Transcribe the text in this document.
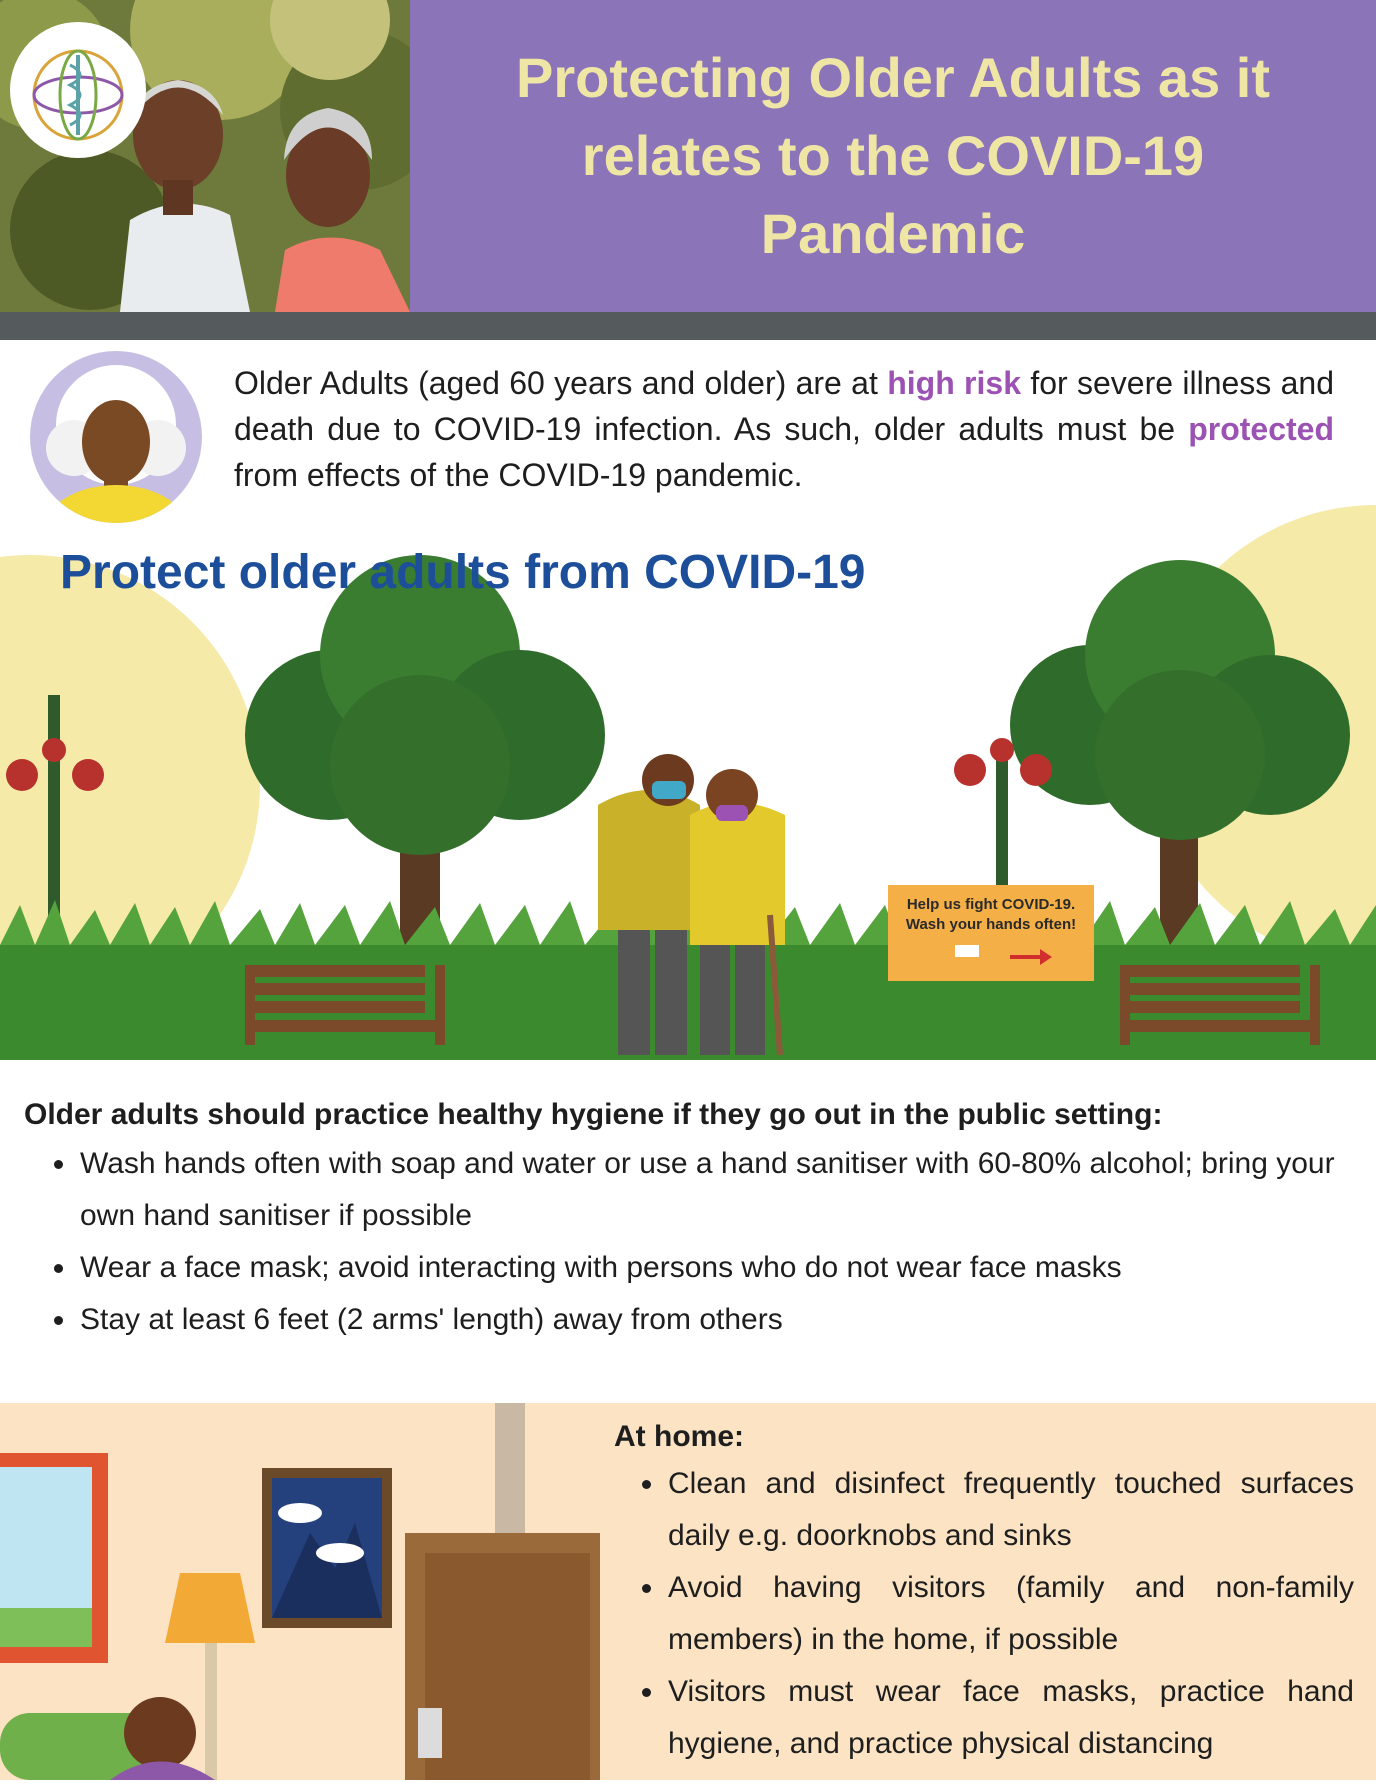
Protecting Older Adults as it relates to the COVID-19 Pandemic

Older Adults (aged 60 years and older) are at high risk for severe illness and death due to COVID-19 infection. As such, older adults must be protected from effects of the COVID-19 pandemic.

Help us fight COVID-19.
Wash your hands often!
Protect older adults from COVID-19

Older adults should practice healthy hygiene if they go out in the public setting:

• Wash hands often with soap and water or use a hand sanitiser with 60-80% alcohol; bring your own hand sanitiser if possible
• Wear a face mask; avoid interacting with persons who do not wear face masks
• Stay at least 6 feet (2 arms' length) away from others

At home:

• Clean and disinfect frequently touched surfaces daily e.g. doorknobs and sinks
• Avoid having visitors (family and non-family members) in the home, if possible
• Visitors must wear face masks, practice hand hygiene, and practice physical distancing
